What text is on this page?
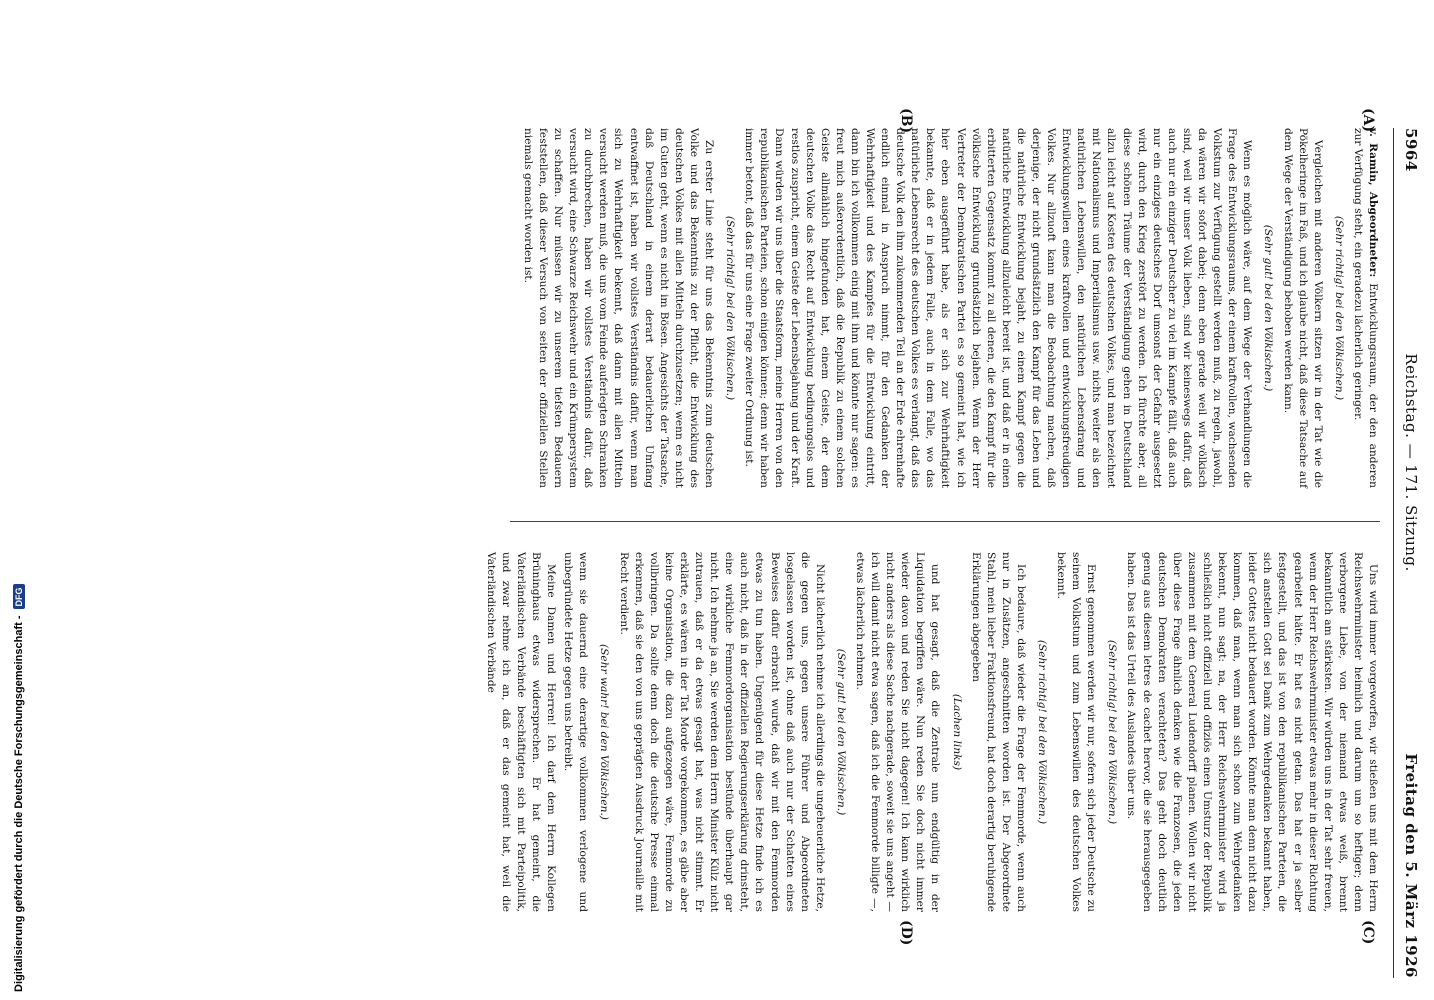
5964
Reichstag. — 171. Sitzung.
Freitag den 5. März 1926
(A)
(B)
(C)
(D)

v. Ramin, Abgeordneter: Entwicklungsraum, der den anderen zur Verfügung steht, ein geradezu lächerlich geringer.

(Sehr richtig! bei den Völkischen.)

Vergleichen mit anderen Völkern sitzen wir in der Tat wie die Pökelheringe im Faß, und ich glaube nicht, daß diese Tatsache auf dem Wege der Verständigung behoben werden kann.

(Sehr gut! bei den Völkischen.)

Wenn es möglich wäre, auf dem Wege der Verhandlungen die Frage des Entwicklungsraums, der einem kraftvollen, wachsenden Volkstum zur Verfügung gestellt werden muß, zu regeln, jawohl, da wären wir sofort dabei; denn eben gerade weil wir völkisch sind, weil wir unser Volk lieben, sind wir keineswegs dafür, daß auch nur ein einziger Deutscher zu viel im Kampfe fällt, daß auch nur ein einziges deutsches Dorf umsonst der Gefahr ausgesetzt wird, durch den Krieg zerstört zu werden. Ich fürchte aber, all diese schönen Träume der Verständigung gehen in Deutschland allzu leicht auf Kosten des deutschen Volkes, und man bezeichnet mit Nationalismus und Imperialismus usw. nichts weiter als den natürlichen Lebenswillen, den natürlichen Lebensdrang und Entwicklungswillen eines kraftvollen und entwicklungsfreudigen Volkes. Nur allzuoft kann man die Beobachtung machen, daß derjenige, der nicht grundsätzlich den Kampf für das Leben und die natürliche Entwicklung bejaht, zu einem Kampf gegen die natürliche Entwicklung allzuleicht bereit ist, und daß er in einen erbitterten Gegensatz kommt zu all denen, die den Kampf für die völkische Entwicklung grundsätzlich bejahen. Wenn der Herr Vertreter der Demokratischen Partei es so gemeint hat, wie ich hier eben ausgeführt habe, als er sich zur Wehrhaftigkeit bekannte, daß er in jedem Falle, auch in dem Falle, wo das natürliche Lebensrecht des deutschen Volkes es verlangt, daß das deutsche Volk den ihm zukommenden Teil an der Erde ehrenhafte endlich einmal in Anspruch nimmt, für den Gedanken der Wehrhaftigkeit und des Kampfes für die Entwicklung eintritt, dann bin ich vollkommen einig mit ihm und könnte nur sagen: es freut mich außerordentlich, daß die Republik zu einem solchen Geiste allmählich hingefunden hat, einem Geiste, der dem deutschen Volke das Recht auf Entwicklung bedingungslos und restlos zuspricht, einem Geiste der Lebensbejahung und der Kraft. Dann würden wir uns über die Staatsform, meine Herren von den republikanischen Parteien, schon einigen können; denn wir haben immer betont, daß das für uns eine Frage zweiter Ordnung ist.

(Sehr richtig! bei den Völkischen.)

Zu erster Linie steht für uns das Bekenntnis zum deutschen Volke und das Bekenntnis zu der Pflicht, die Entwicklung des deutschen Volkes mit allen Mitteln durchzusetzen; wenn es nicht im Guten geht, wenn es nicht im Bösen. Angesichts der Tatsache, daß Deutschland in einem derart bedauerlichen Umfang entwaffnet ist, haben wir vollstes Verständnis dafür, wenn man sich zu Wehrhaftigkeit bekennt, daß dann mit allen Mitteln versucht werden muß, die uns vom Feinde auferlegten Schranken zu durchbrechen, haben wir vollstes Verständnis dafür, daß versucht wird, eine Schwarze Reichswehr und ein Krümpersystem zu schaffen. Nur müssen wir zu unserem tiefsten Bedauern feststellen, daß dieser Versuch von seiten der offiziellen Stellen niemals gemacht worden ist.

Uns wird immer vorgeworfen, wir stießen uns mit dem Herrn Reichswehrminister heimlich und darum um so heftiger; denn verborgene Liebe, von der niemand etwas weiß, brennt bekanntlich am stärksten. Wir würden uns in der Tat sehr freuen, wenn der Herr Reichswehrminister etwas mehr in dieser Richtung gearbeitet hätte. Er hat es nicht getan. Das hat er ja selber festgestellt, und das ist von den republikanischen Parteien, die sich anstellen Gott sei Dank zum Wehrgedanken bekannt haben, leider Gottes nicht bedauert worden. Könnte man denn nicht dazu kommen, daß man, wenn man sich schon zum Wehrgedanken bekennt, nun sagt: na, der Herr Reichswehrminister wird ja schließlich nicht offiziell und offiziös einen Umsturz der Republik zusammen mit dem General Ludendorff planen. Wollen wir nicht über diese Frage ähnlich denken wie die Franzosen, die jeden deutschen Demokraten verachteten? Das geht doch deutlich genug aus diesem letres de cachet hervor, die sie herausgegeben haben. Das ist das Urteil des Auslandes über uns.

(Sehr richtig! bei den Völkischen.)

Ernst genommen werden wir nur, sofern sich jeder Deutsche zu seinem Volkstum und zum Lebenswillen des deutschen Volkes bekennt.

(Sehr richtig! bei den Völkischen.)

Ich bedaure, daß wieder die Frage der Femmorde, wenn auch nur in Zusätzen, angeschnitten worden ist. Der Abgeordnete Stahl, mein lieber Fraktionsfreund, hat doch derartig beruhigende Erklärungen abgegeben

(Lachen links)

und hat gesagt, daß die Zentrale nun endgültig in der Liquidation begriffen wäre. Nun reden Sie doch nicht immer wieder davon und reden Sie nicht dagegen! Ich kann wirklich nicht anders als diese Sache nachgerade, soweit sie uns angeht — ich will damit nicht etwa sagen, daß ich die Femmorde billigte —, etwas lächerlich nehmen.

(Sehr gut! bei den Völkischen.)

Nicht lächerlich nehme ich allerdings die ungeheuerliche Hetze, die gegen uns, gegen unsere Führer und Abgeordneten losgelassen worden ist, ohne daß auch nur der Schatten eines Beweises dafür erbracht wurde, daß wir mit den Femmorden etwas zu tun haben. Ungenügend für diese Hetze finde ich es auch nicht, daß in der offiziellen Regierungserklärung drinsteht, eine wirkliche Femmordorganisation bestünde überhaupt gar nicht. Ich nehme ja an, Sie werden dem Herrn Minister Külz nicht zutrauen, daß er da etwas gesagt hat, was nicht stimmt. Er erklärte, es wären in der Tat Morde vorgekommen, es gäbe aber keine Organisation, die dazu aufgezogen wäre, Femmorde zu vollbringen. Da sollte denn doch die deutsche Presse einmal erkennen, daß sie den von uns geprägten Ausdruck Journaille mit Recht verdient.

(Sehr wahr! bei den Völkischen.)

wenn sie dauernd eine derartige vollkommen verlogene und unbegründete Hetze gegen uns betreibt.

Meine Damen und Herren! Ich darf dem Herrn Kollegen Brüninghaus etwas widersprechen. Er hat gemeint, die Vaterländischen Verbände beschäftigten sich mit Parteipolitik, und zwar nehme ich an, daß er das gemeint hat, weil die Vaterländischen Verbände

Digitalisierung gefördert durch die Deutsche Forschungsgemeinschaft -
DFG
